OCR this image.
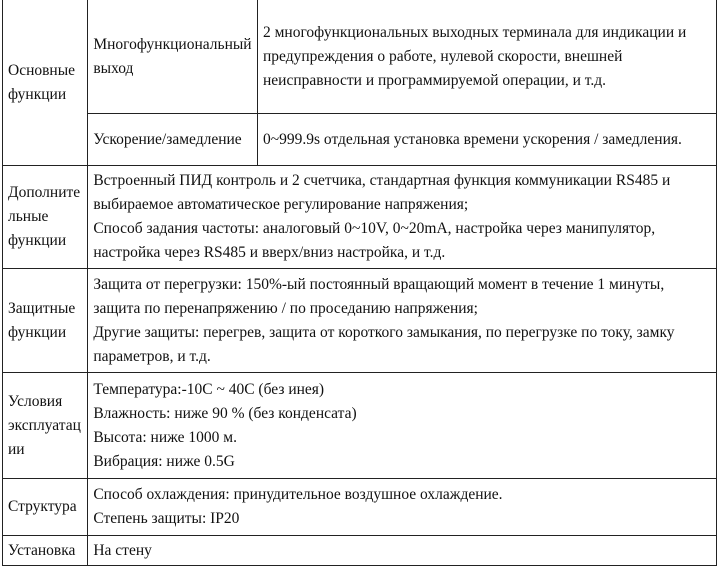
Основные функции	Многофункциональный выход	2 многофункциональных выходных терминала для индикации и предупреждения о работе, нулевой скорости, внешней неисправности и программируемой операции, и т.д.
	Ускорение/замедление	0~999.9s отдельная установка времени ускорения / замедления.
Дополнительные функции	Встроенный ПИД контроль и 2 счетчика, стандартная функция коммуникации RS485 и выбираемое автоматическое регулирование напряжения;
Способ задания частоты: аналоговый 0~10V, 0~20mA, настройка через манипулятор, настройка через RS485 и вверх/вниз настройка, и т.д.	

Защитные функции	Защита от перегрузки: 150%-ый постоянный вращающий момент в течение 1 минуты, защита по перенапряжению / по проседанию напряжения;
Другие защиты: перегрев, защита от короткого замыкания, по перегрузке по току, замку параметров, и т.д.	

Условия эксплуатации	Температура:-10C ~ 40C (без инея)
Влажность: ниже 90 % (без конденсата)
Высота: ниже 1000 м.
Вибрация: ниже 0.5G	

Структура	Способ охлаждения: принудительное воздушное охлаждение.
Степень защиты: IP20	

Установка	На стену	
